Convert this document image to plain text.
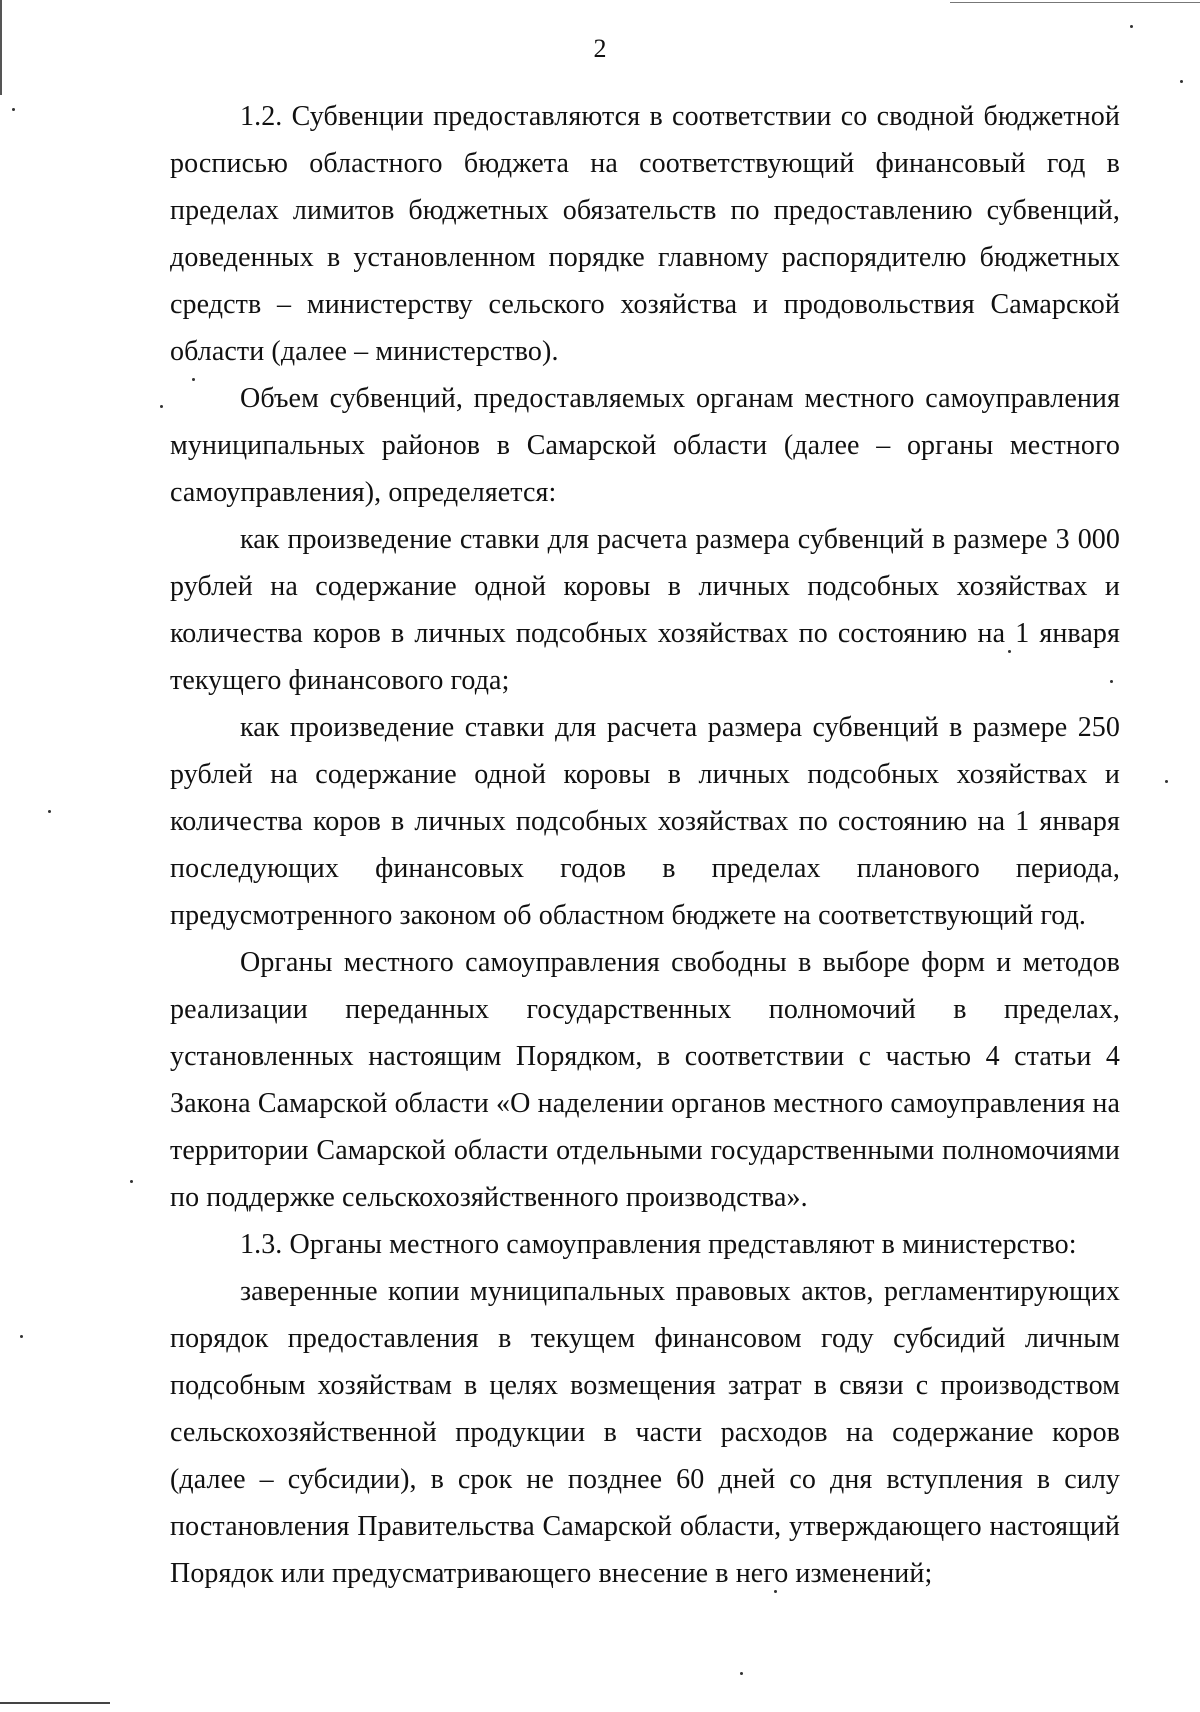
2

1.2. Субвенции предоставляются в соответствии со сводной бюджетной росписью областного бюджета на соответствующий финансовый год в пределах лимитов бюджетных обязательств по предоставлению субвенций, доведенных в установленном порядке главному распорядителю бюджетных средств – министерству сельского хозяйства и продовольствия Самарской области (далее – министерство).

Объем субвенций, предоставляемых органам местного самоуправления муниципальных районов в Самарской области (далее – органы местного самоуправления), определяется:

как произведение ставки для расчета размера субвенций в размере 3 000 рублей на содержание одной коровы в личных подсобных хозяйствах и количества коров в личных подсобных хозяйствах по состоянию на 1 января текущего финансового года;

как произведение ставки для расчета размера субвенций в размере 250 рублей на содержание одной коровы в личных подсобных хозяйствах и количества коров в личных подсобных хозяйствах по состоянию на 1 января последующих финансовых годов в пределах планового периода, предусмотренного законом об областном бюджете на соответствующий год.

Органы местного самоуправления свободны в выборе форм и методов реализации переданных государственных полномочий в пределах, установленных настоящим Порядком, в соответствии с частью 4 статьи 4 Закона Самарской области «О наделении органов местного самоуправления на территории Самарской области отдельными государственными полномочиями по поддержке сельскохозяйственного производства».

1.3. Органы местного самоуправления представляют в министерство:

заверенные копии муниципальных правовых актов, регламентирующих порядок предоставления в текущем финансовом году субсидий личным подсобным хозяйствам в целях возмещения затрат в связи с производством сельскохозяйственной продукции в части расходов на содержание коров (далее – субсидии), в срок не позднее 60 дней со дня вступления в силу постановления Правительства Самарской области, утверждающего настоящий Порядок или предусматривающего внесение в него изменений;
